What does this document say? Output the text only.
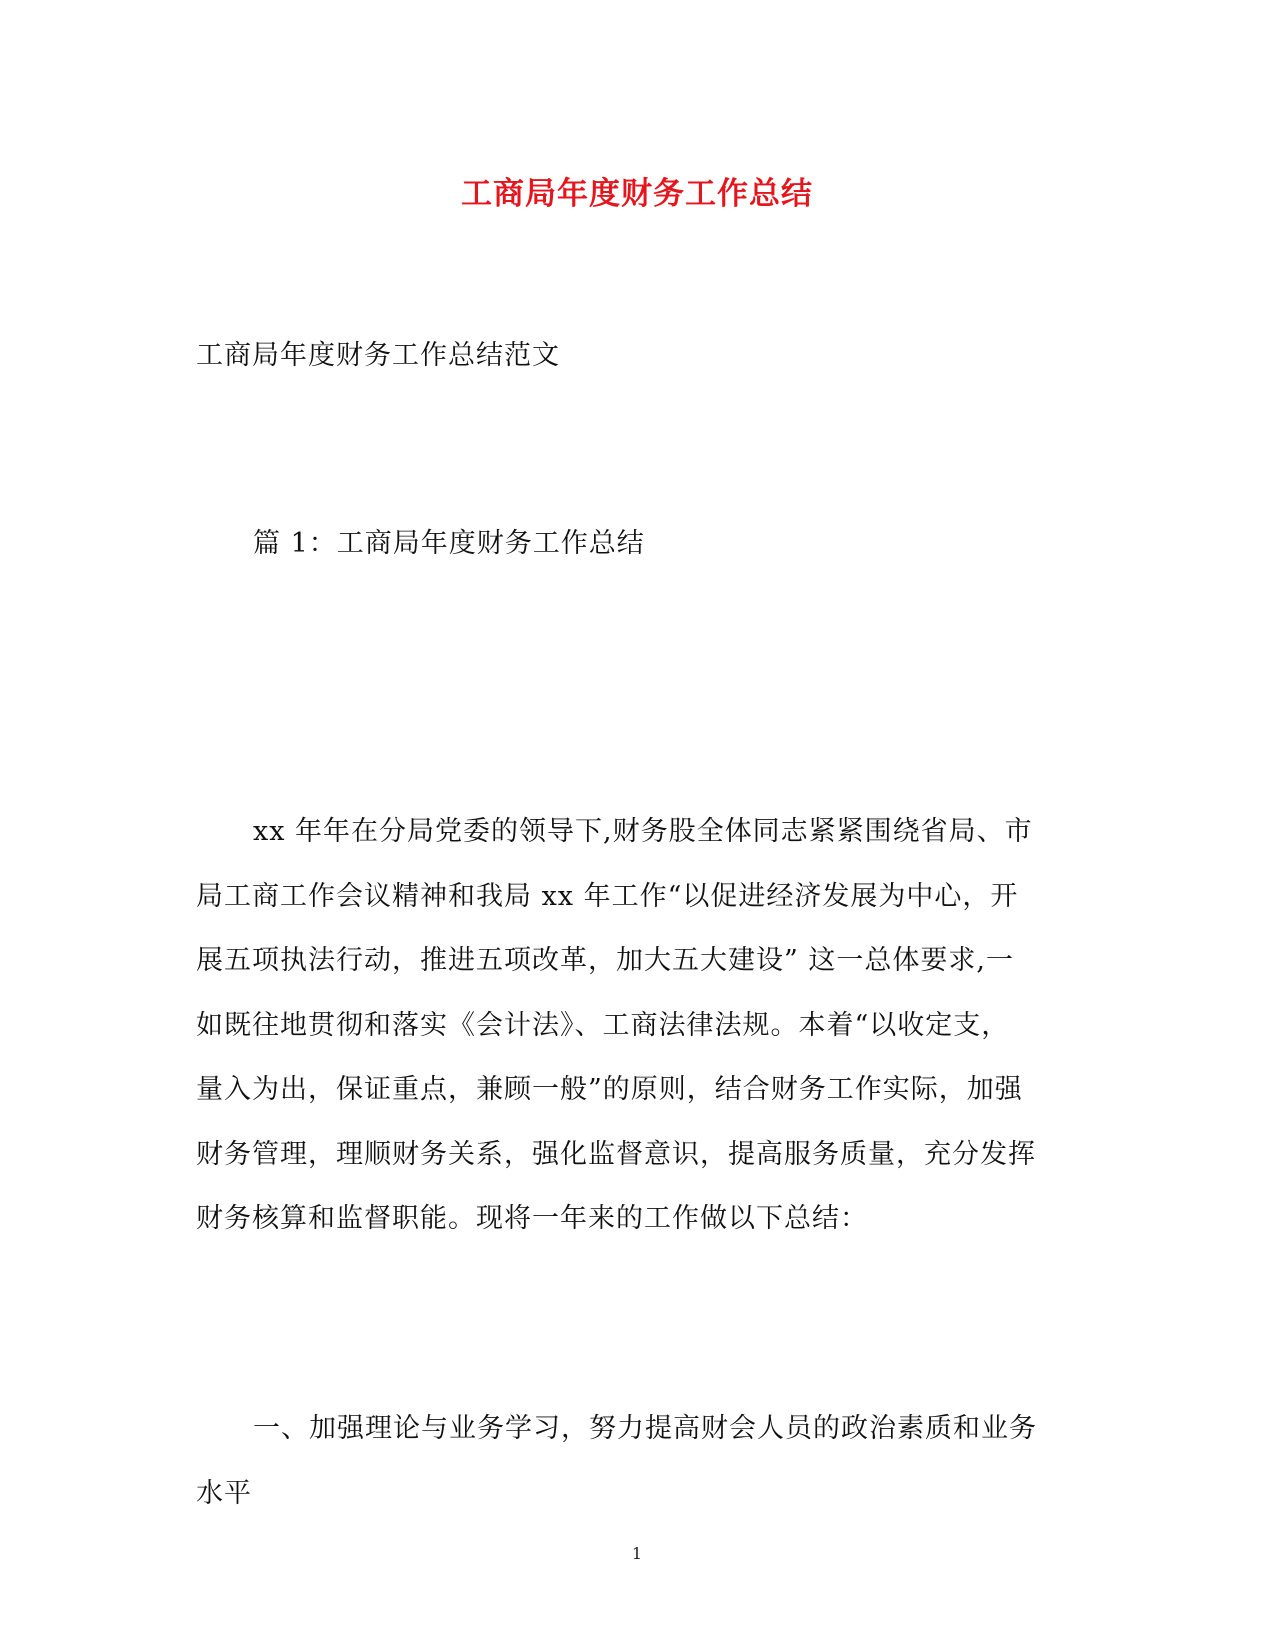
工商局年度财务工作总结
工商局年度财务工作总结范文
篇 1：工商局年度财务工作总结
xx 年年在分局党委的领导下,财务股全体同志紧紧围绕省局、市
局工商工作会议精神和我局 xx 年工作“以促进经济发展为中心，开
展五项执法行动，推进五项改革，加大五大建设” 这一总体要求,一
如既往地贯彻和落实《会计法》、工商法律法规。本着“以收定支，
量入为出，保证重点，兼顾一般”的原则，结合财务工作实际，加强
财务管理，理顺财务关系，强化监督意识，提高服务质量，充分发挥
财务核算和监督职能。现将一年来的工作做以下总结：
一、加强理论与业务学习，努力提高财会人员的政治素质和业务
水平
1
